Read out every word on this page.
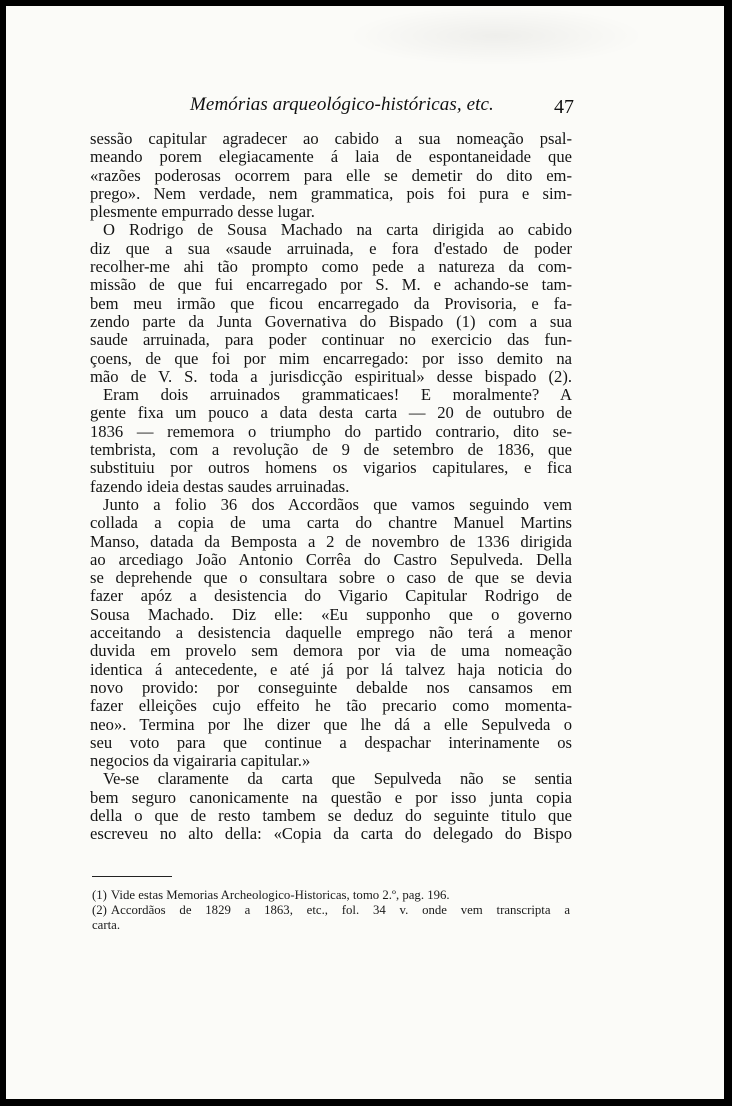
Memórias arqueológico-históricas, etc.	47
sessão capitular agradecer ao cabido a sua nomeação psal-
meando porem elegiacamente á laia de espontaneidade que
«razões poderosas ocorrem para elle se demetir do dito em-
prego». Nem verdade, nem grammatica, pois foi pura e sim-
plesmente empurrado desse lugar.
O Rodrigo de Sousa Machado na carta dirigida ao cabido
diz que a sua «saude arruinada, e fora d'estado de poder
recolher-me ahi tão prompto como pede a natureza da com-
missão de que fui encarregado por S. M. e achando-se tam-
bem meu irmão que ficou encarregado da Provisoria, e fa-
zendo parte da Junta Governativa do Bispado (1) com a sua
saude arruinada, para poder continuar no exercicio das fun-
çoens, de que foi por mim encarregado: por isso demito na
mão de V. S. toda a jurisdicção espiritual» desse bispado (2).
Eram dois arruinados grammaticaes! E moralmente? A
gente fixa um pouco a data desta carta — 20 de outubro de
1836 — rememora o triumpho do partido contrario, dito se-
tembrista, com a revolução de 9 de setembro de 1836, que
substituiu por outros homens os vigarios capitulares, e fica
fazendo ideia destas saudes arruinadas.
Junto a folio 36 dos Accordãos que vamos seguindo vem
collada a copia de uma carta do chantre Manuel Martins
Manso, datada da Bemposta a 2 de novembro de 1336 dirigida
ao arcediago João Antonio Corrêa do Castro Sepulveda. Della
se deprehende que o consultara sobre o caso de que se devia
fazer apóz a desistencia do Vigario Capitular Rodrigo de
Sousa Machado. Diz elle: «Eu supponho que o governo
acceitando a desistencia daquelle emprego não terá a menor
duvida em provelo sem demora por via de uma nomeação
identica á antecedente, e até já por lá talvez haja noticia do
novo provido: por conseguinte debalde nos cansamos em
fazer elleições cujo effeito he tão precario como momenta-
neo». Termina por lhe dizer que lhe dá a elle Sepulveda o
seu voto para que continue a despachar interinamente os
negocios da vigairaria capitular.»
Ve-se claramente da carta que Sepulveda não se sentia
bem seguro canonicamente na questão e por isso junta copia
della o que de resto tambem se deduz do seguinte titulo que
escreveu no alto della: «Copia da carta do delegado do Bispo
(1) Vide estas Memorias Archeologico-Historicas, tomo 2.º, pag. 196.
(2) Accordãos de 1829 a 1863, etc., fol. 34 v. onde vem transcripta a
carta.
